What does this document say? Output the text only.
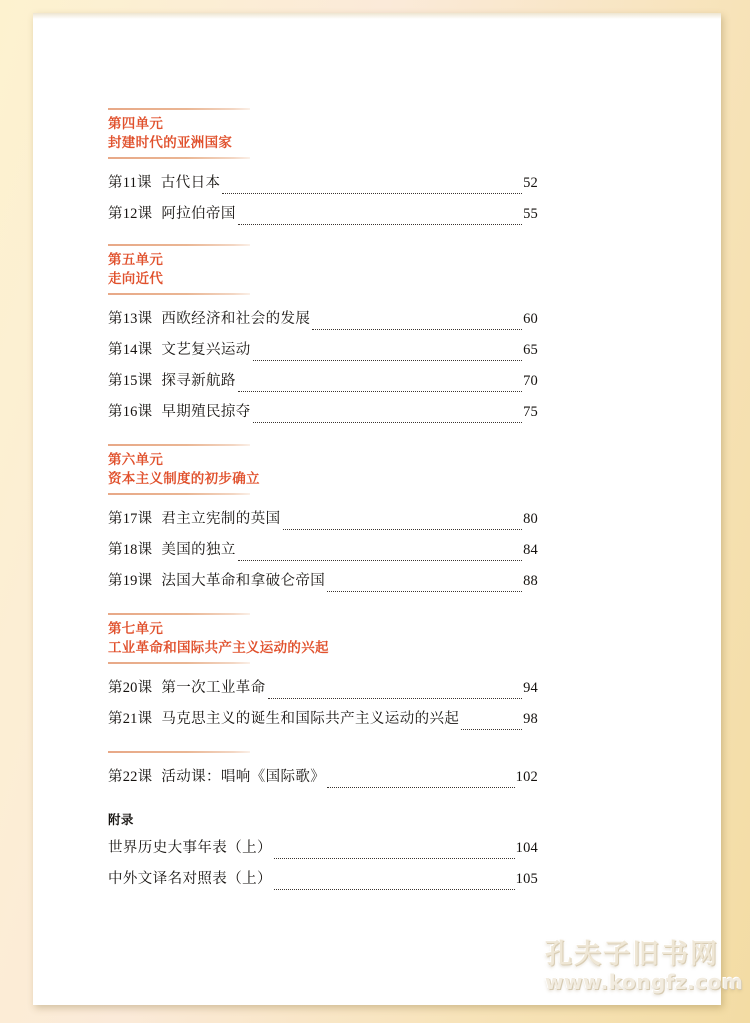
第四单元
封建时代的亚洲国家
第11课 古代日本	52
第12课 阿拉伯帝国	55
第五单元
走向近代
第13课 西欧经济和社会的发展	60
第14课 文艺复兴运动	65
第15课 探寻新航路	70
第16课 早期殖民掠夺	75
第六单元
资本主义制度的初步确立
第17课 君主立宪制的英国	80
第18课 美国的独立	84
第19课 法国大革命和拿破仑帝国	88
第七单元
工业革命和国际共产主义运动的兴起
第20课 第一次工业革命	94
第21课 马克思主义的诞生和国际共产主义运动的兴起	98
第22课 活动课：唱响《国际歌》	102
附录
世界历史大事年表（上）	104
中外文译名对照表（上）	105
孔夫子旧书网
www.kongfz.com
